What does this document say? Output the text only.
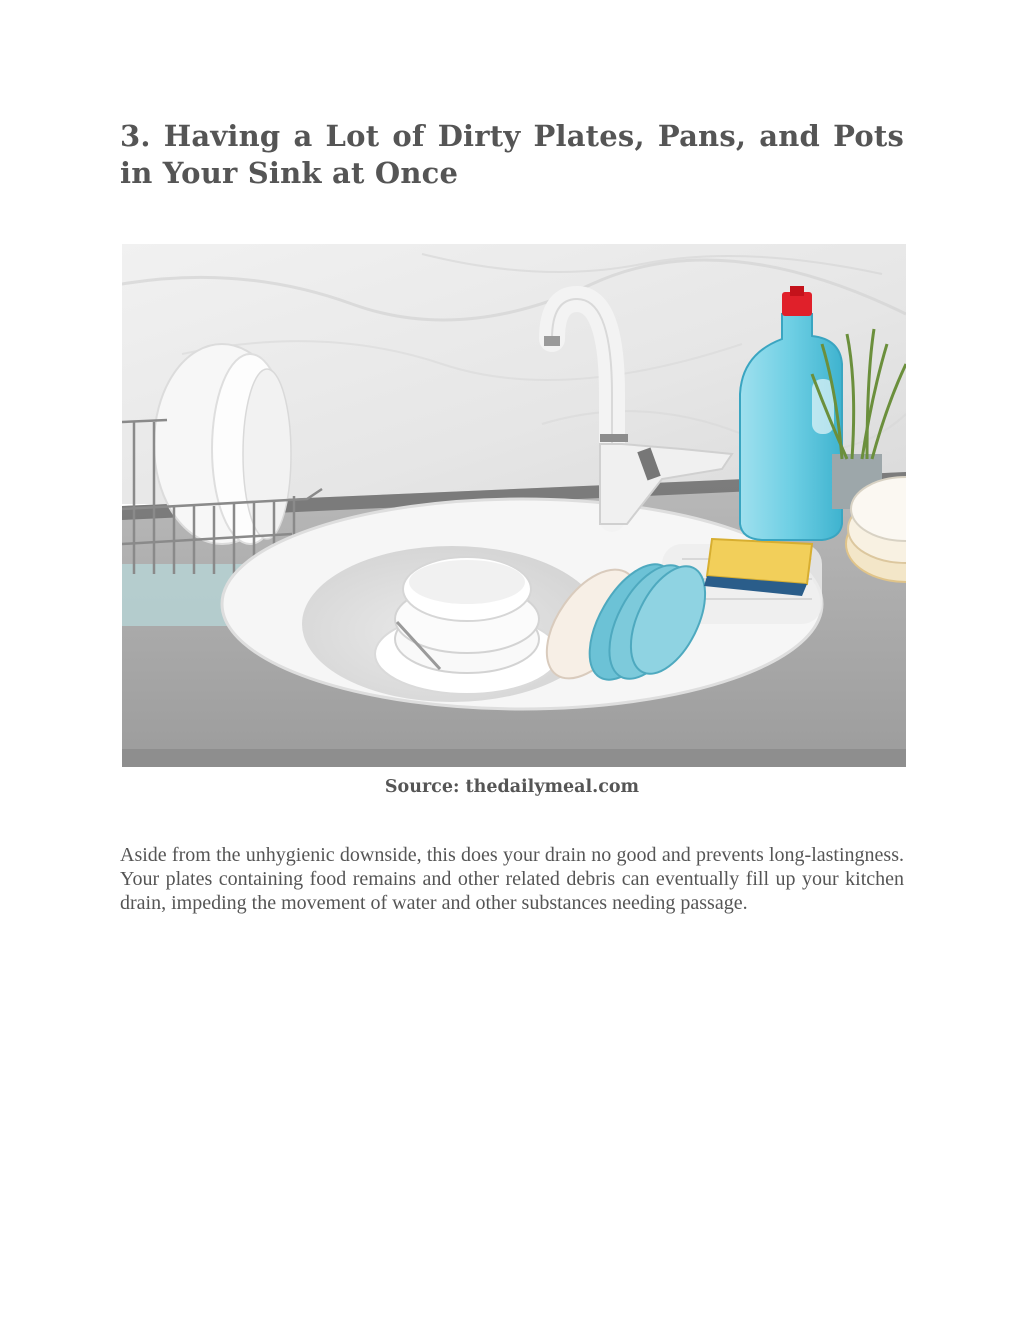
3. Having a Lot of Dirty Plates, Pans, and Pots in Your Sink at Once

Source: thedailymeal.com

Aside from the unhygienic downside, this does your drain no good and prevents long-lastingness. Your plates containing food remains and other related debris can eventually fill up your kitchen drain, impeding the movement of water and other substances needing passage.
